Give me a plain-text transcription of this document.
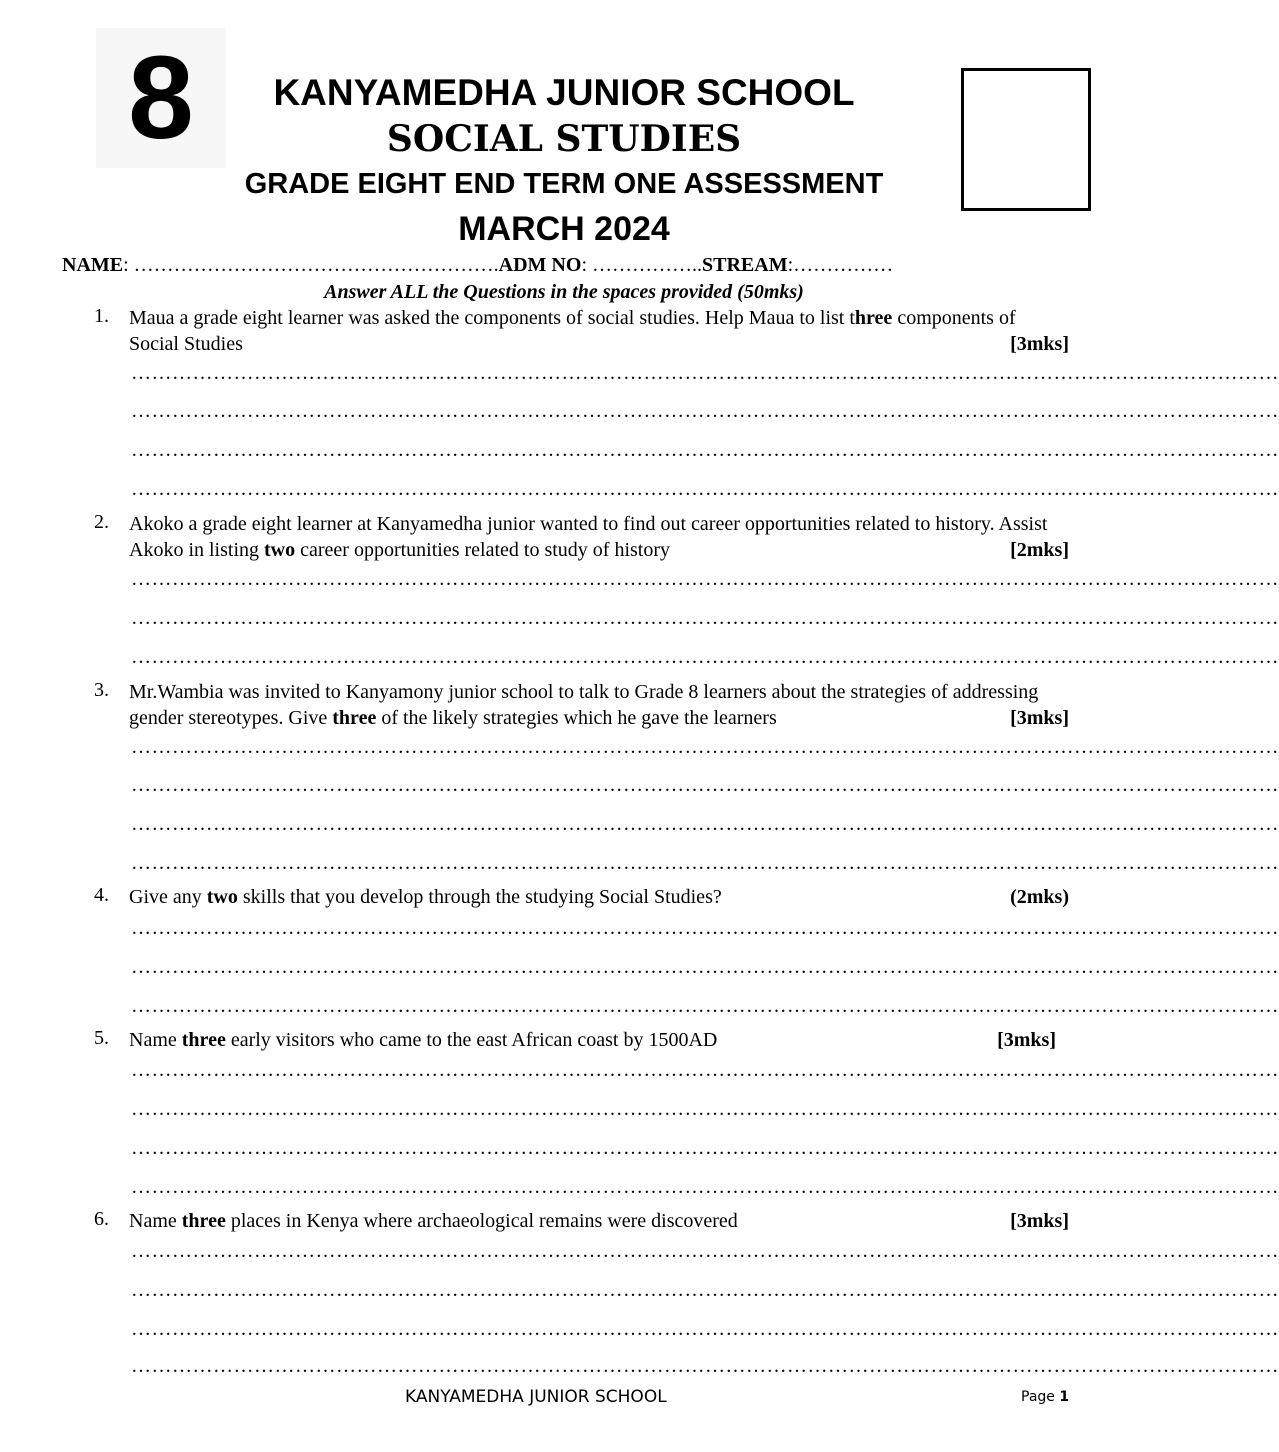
8	KANYAMEDHA JUNIOR SCHOOL
SOCIAL STUDIES
GRADE EIGHT END TERM ONE ASSESSMENT
MARCH 2024
NAME: ……………………………………………….ADM NO: ……………..STREAM:……………
Answer ALL the Questions in the spaces provided (50mks)
1. Maua a grade eight learner was asked the components of social studies. Help Maua to list three components of Social Studies	[3mks]
……………………………………………………………………………………………………………………………………………………
……………………………………………………………………………………………………………………………………………………
……………………………………………………………………………………………………………………………………………………
……………………………………………………………………………………………………………………………………………………
2. Akoko a grade eight learner at Kanyamedha junior wanted to find out career opportunities related to history. Assist Akoko in listing two career opportunities related to study of history	[2mks]
……………………………………………………………………………………………………………………………………………………
……………………………………………………………………………………………………………………………………………………
……………………………………………………………………………………………………………………………………………………
3. Mr.Wambia was invited to Kanyamony junior school to talk to Grade 8 learners about the strategies of addressing gender stereotypes. Give three of the likely strategies which he gave the learners	[3mks]
……………………………………………………………………………………………………………………………………………………
……………………………………………………………………………………………………………………………………………………
……………………………………………………………………………………………………………………………………………………
……………………………………………………………………………………………………………………………………………………
4. Give any two skills that you develop through the studying Social Studies?	(2mks)
……………………………………………………………………………………………………………………………………………………
……………………………………………………………………………………………………………………………………………………
……………………………………………………………………………………………………………………………………………………
5. Name three early visitors who came to the east African coast by 1500AD	[3mks]
……………………………………………………………………………………………………………………………………………………
……………………………………………………………………………………………………………………………………………………
……………………………………………………………………………………………………………………………………………………
……………………………………………………………………………………………………………………………………………………
6. Name three places in Kenya where archaeological remains were discovered	[3mks]
……………………………………………………………………………………………………………………………………………………
……………………………………………………………………………………………………………………………………………………
……………………………………………………………………………………………………………………………………………………
……………………………………………………………………………………………………………………………………………………
KANYAMEDHA JUNIOR SCHOOL	Page 1
